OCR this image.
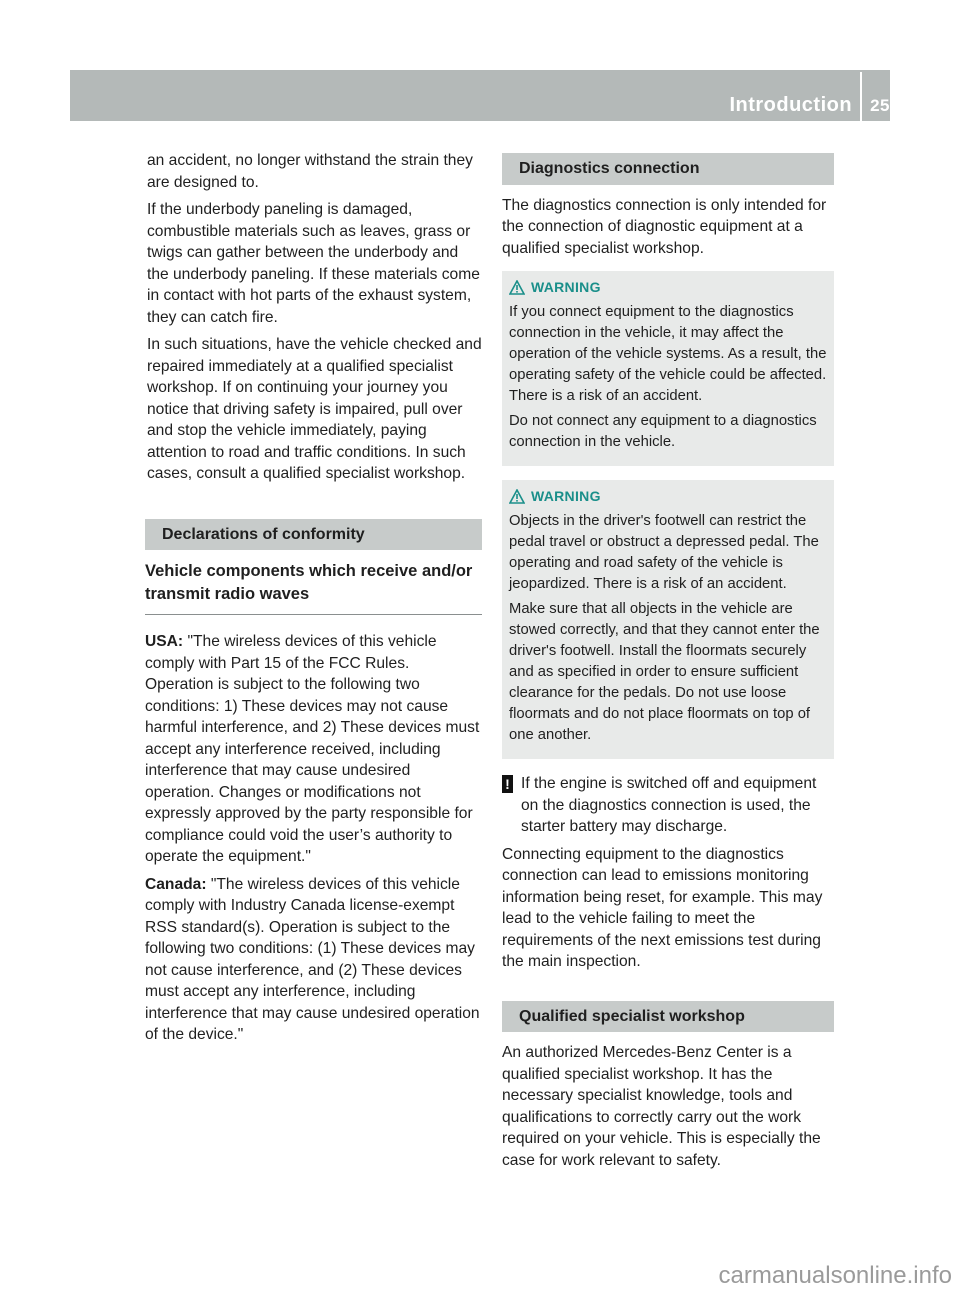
Introduction 25

an accident, no longer withstand the strain they are designed to.

If the underbody paneling is damaged, combustible materials such as leaves, grass or twigs can gather between the underbody and the underbody paneling. If these materials come in contact with hot parts of the exhaust system, they can catch fire.

In such situations, have the vehicle checked and repaired immediately at a qualified specialist workshop. If on continuing your journey you notice that driving safety is impaired, pull over and stop the vehicle immediately, paying attention to road and traffic conditions. In such cases, consult a qualified specialist workshop.

Declarations of conformity
Vehicle components which receive and/or transmit radio waves

USA: "The wireless devices of this vehicle comply with Part 15 of the FCC Rules. Operation is subject to the following two conditions: 1) These devices may not cause harmful interference, and 2) These devices must accept any interference received, including interference that may cause undesired operation. Changes or modifications not expressly approved by the party responsible for compliance could void the user’s authority to operate the equipment."

Canada: "The wireless devices of this vehicle comply with Industry Canada license-exempt RSS standard(s). Operation is subject to the following two conditions: (1) These devices may not cause interference, and (2) These devices must accept any interference, including interference that may cause undesired operation of the device."

Diagnostics connection

The diagnostics connection is only intended for the connection of diagnostic equipment at a qualified specialist workshop.

WARNING

If you connect equipment to the diagnostics connection in the vehicle, it may affect the operation of the vehicle systems. As a result, the operating safety of the vehicle could be affected. There is a risk of an accident.

Do not connect any equipment to a diagnostics connection in the vehicle.

WARNING

Objects in the driver's footwell can restrict the pedal travel or obstruct a depressed pedal. The operating and road safety of the vehicle is jeopardized. There is a risk of an accident.

Make sure that all objects in the vehicle are stowed correctly, and that they cannot enter the driver's footwell. Install the floormats securely and as specified in order to ensure sufficient clearance for the pedals. Do not use loose floormats and do not place floormats on top of one another.

! If the engine is switched off and equipment on the diagnostics connection is used, the starter battery may discharge.

Connecting equipment to the diagnostics connection can lead to emissions monitoring information being reset, for example. This may lead to the vehicle failing to meet the requirements of the next emissions test during the main inspection.

Qualified specialist workshop

An authorized Mercedes-Benz Center is a qualified specialist workshop. It has the necessary specialist knowledge, tools and qualifications to correctly carry out the work required on your vehicle. This is especially the case for work relevant to safety.

carmanualsonline.info
